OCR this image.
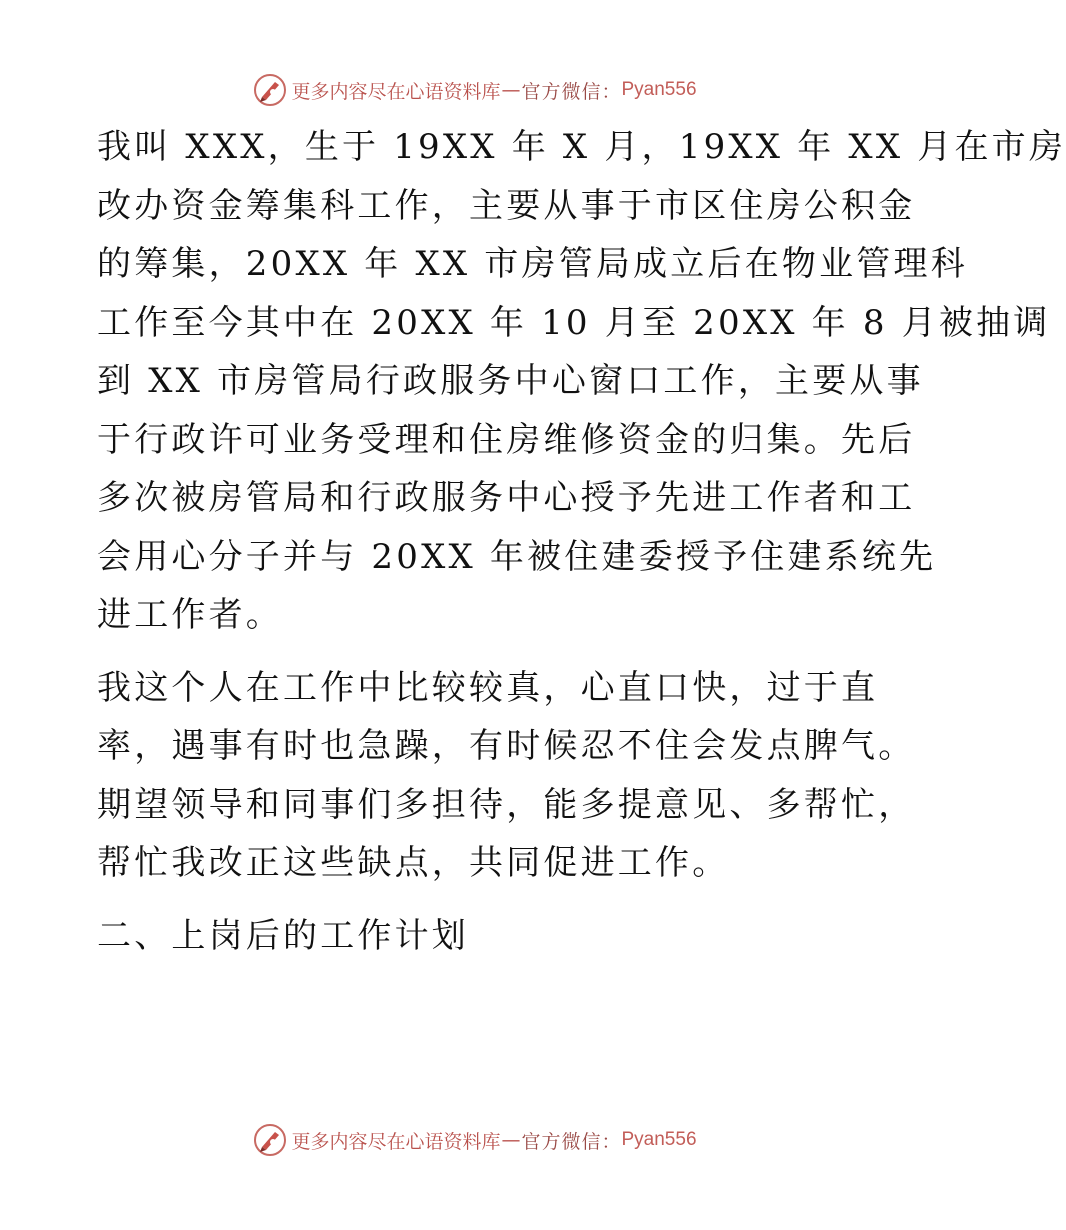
更多内容尽在心语资料库 — 官方微信： Pyan556

我叫 XXX，生于 19XX 年 X 月，19XX 年 XX 月在市房

改办资金筹集科工作，主要从事于市区住房公积金

的筹集，20XX 年 XX 市房管局成立后在物业管理科

工作至今其中在 20XX 年 10 月至 20XX 年 8 月被抽调

到 XX 市房管局行政服务中心窗口工作，主要从事

于行政许可业务受理和住房维修资金的归集。先后

多次被房管局和行政服务中心授予先进工作者和工

会用心分子并与 20XX 年被住建委授予住建系统先

进工作者。

我这个人在工作中比较较真，心直口快，过于直

率，遇事有时也急躁，有时候忍不住会发点脾气。

期望领导和同事们多担待，能多提意见、多帮忙，

帮忙我改正这些缺点，共同促进工作。

二、上岗后的工作计划

更多内容尽在心语资料库 — 官方微信： Pyan556
